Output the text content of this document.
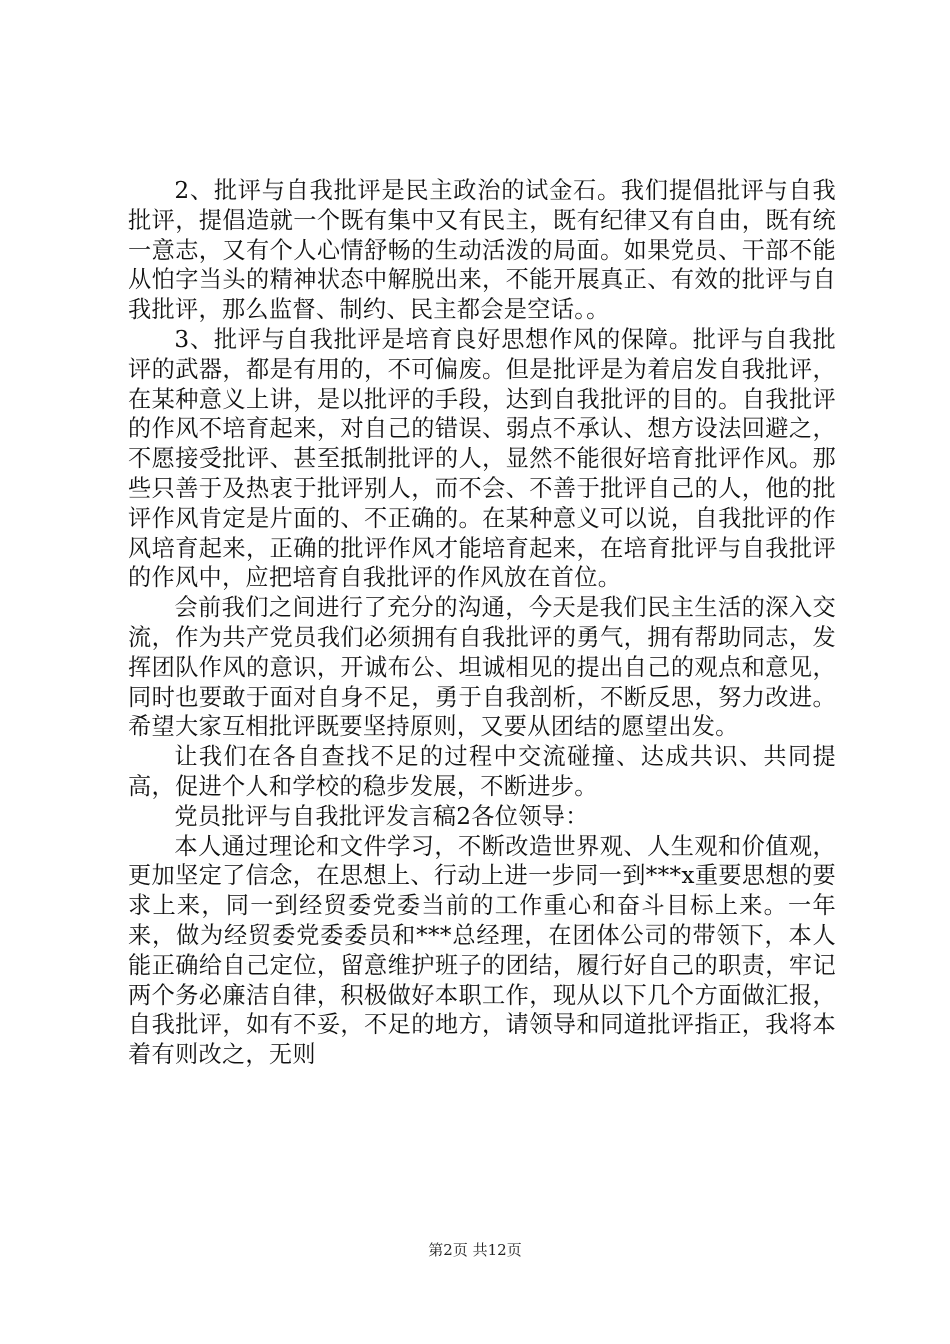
2、批评与自我批评是民主政治的试金石。我们提倡批评与自我批评，提倡造就一个既有集中又有民主，既有纪律又有自由，既有统一意志，又有个人心情舒畅的生动活泼的局面。如果党员、干部不能从怕字当头的精神状态中解脱出来，不能开展真正、有效的批评与自我批评，那么监督、制约、民主都会是空话。。

3、批评与自我批评是培育良好思想作风的保障。批评与自我批评的武器，都是有用的，不可偏废。但是批评是为着启发自我批评，在某种意义上讲，是以批评的手段，达到自我批评的目的。自我批评的作风不培育起来，对自己的错误、弱点不承认、想方设法回避之，不愿接受批评、甚至抵制批评的人，显然不能很好培育批评作风。那些只善于及热衷于批评别人，而不会、不善于批评自己的人，他的批评作风肯定是片面的、不正确的。在某种意义可以说，自我批评的作风培育起来，正确的批评作风才能培育起来，在培育批评与自我批评的作风中，应把培育自我批评的作风放在首位。

会前我们之间进行了充分的沟通，今天是我们民主生活的深入交流，作为共产党员我们必须拥有自我批评的勇气，拥有帮助同志，发挥团队作风的意识，开诚布公、坦诚相见的提出自己的观点和意见，同时也要敢于面对自身不足，勇于自我剖析，不断反思，努力改进。希望大家互相批评既要坚持原则，又要从团结的愿望出发。

让我们在各自查找不足的过程中交流碰撞、达成共识、共同提高，促进个人和学校的稳步发展，不断进步。

党员批评与自我批评发言稿2各位领导：

本人通过理论和文件学习，不断改造世界观、人生观和价值观，更加坚定了信念，在思想上、行动上进一步同一到***x重要思想的要求上来，同一到经贸委党委当前的工作重心和奋斗目标上来。一年来，做为经贸委党委委员和***总经理，在团体公司的带领下，本人能正确给自己定位，留意维护班子的团结，履行好自己的职责，牢记两个务必廉洁自律，积极做好本职工作，现从以下几个方面做汇报，自我批评，如有不妥，不足的地方，请领导和同道批评指正，我将本着有则改之，无则

第2页 共12页
